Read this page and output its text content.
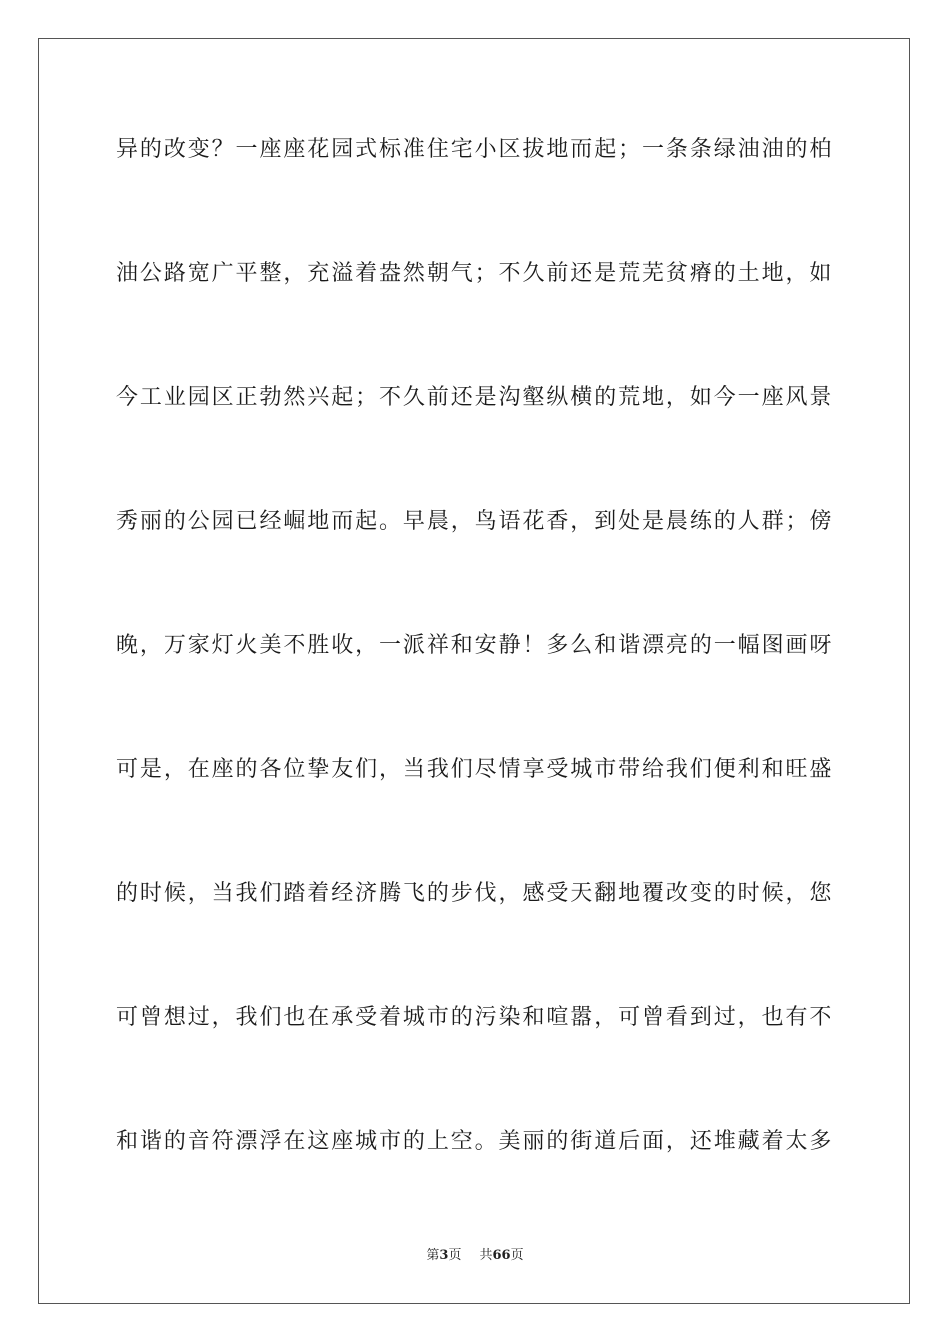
异的改变？一座座花园式标准住宅小区拔地而起；一条条绿油油的柏
油公路宽广平整，充溢着盎然朝气；不久前还是荒芜贫瘠的土地，如
今工业园区正勃然兴起；不久前还是沟壑纵横的荒地，如今一座风景
秀丽的公园已经崛地而起。早晨，鸟语花香，到处是晨练的人群；傍
晚，万家灯火美不胜收，一派祥和安静！多么和谐漂亮的一幅图画呀
可是，在座的各位挚友们，当我们尽情享受城市带给我们便利和旺盛
的时候，当我们踏着经济腾飞的步伐，感受天翻地覆改变的时候，您
可曾想过，我们也在承受着城市的污染和喧嚣，可曾看到过，也有不
和谐的音符漂浮在这座城市的上空。美丽的街道后面，还堆藏着太多
第3页 共66页
